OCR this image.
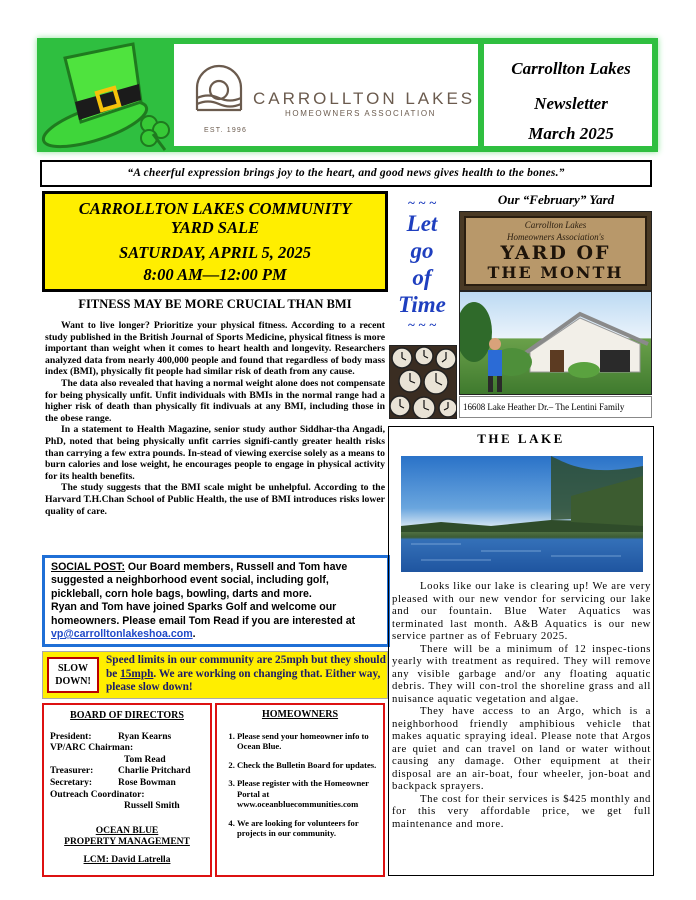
CARROLLTON LAKES
HOMEOWNERS ASSOCIATION
EST. 1996
Carrollton Lakes
Newsletter
March 2025
“A cheerful expression brings joy to the heart, and good news gives health to the bones.”
CARROLLTON LAKES COMMUNITY
YARD SALE
SATURDAY, APRIL 5, 2025
8:00 AM—12:00 PM
FITNESS MAY BE MORE CRUCIAL THAN BMI

Want to live longer? Prioritize your physical fitness. According to a recent study published in the British Journal of Sports Medicine, physical fitness is more important than weight when it comes to heart health and longevity. Researchers analyzed data from nearly 400,000 people and found that regardless of body mass index (BMI), physically fit people had similar risk of death from any cause.

The data also revealed that having a normal weight alone does not compensate for being physically unfit. Unfit individuals with BMIs in the normal range had a higher risk of death than physically fit indivuals at any BMI, including those in the obese range.

In a statement to Health Magazine, senior study author Siddhar-tha Angadi, PhD, noted that being physically unfit carries signifi-cantly greater health risks than carrying a few extra pounds. In-stead of viewing exercise solely as a means to burn calories and lose weight, he encourages people to engage in physical activity for its health benefits.

The study suggests that the BMI scale might be unhelpful. According to the Harvard T.H.Chan School of Public Health, the use of BMI introduces risks lower quality of care.

SOCIAL POST: Our Board members, Russell and Tom have suggested a neighborhood event social, including golf, pickleball, corn hole bags, bowling, darts and more.
Ryan and Tom have joined Sparks Golf and welcome our homeowners. Please email Tom Read if you are interested at vp@carrolltonlakeshoa.com.
SLOW
DOWN!
Speed limits in our community are 25mph but they should be 15mph. We are working on changing that. Either way, please slow down!
BOARD OF DIRECTORS
President:	Ryan Kearns
VP/ARC Chairman:
Tom Read
Treasurer:	Charlie Pritchard
Secretary:	Rose Bowman
Outreach Coordinator:
Russell Smith
OCEAN BLUE
PROPERTY MANAGEMENT
LCM: David Latrella
HOMEOWNERS
1. Please send your homeowner info to Ocean Blue.
2. Check the Bulletin Board for updates.
3. Please register with the Homeowner Portal at www.oceanbluecommunities.com
4. We are looking for volunteers for projects in our community.
~ ~ ~
Let
go
of
Time
~ ~ ~
Our “February” Yard
Carrollton Lakes
Homeowners Association's
YARD OF
THE MONTH
16608 Lake Heather Dr.– The Lentini Family
THE LAKE

Looks like our lake is clearing up! We are very pleased with our new vendor for servicing our lake and our fountain. Blue Water Aquatics was terminated last month. A&B Aquatics is our new service partner as of February 2025.

There will be a minimum of 12 inspec-tions yearly with treatment as required. They will remove any visible garbage and/or any floating aquatic debris. They will con-trol the shoreline grass and all nuisance aquatic vegetation and algae.

They have access to an Argo, which is a neighborhood friendly amphibious vehicle that makes aquatic spraying ideal. Please note that Argos are quiet and can travel on land or water without causing any damage. Other equipment at their disposal are an air-boat, four wheeler, jon-boat and backpack sprayers.

The cost for their services is $425 monthly and for this very affordable price, we get full maintenance and more.
